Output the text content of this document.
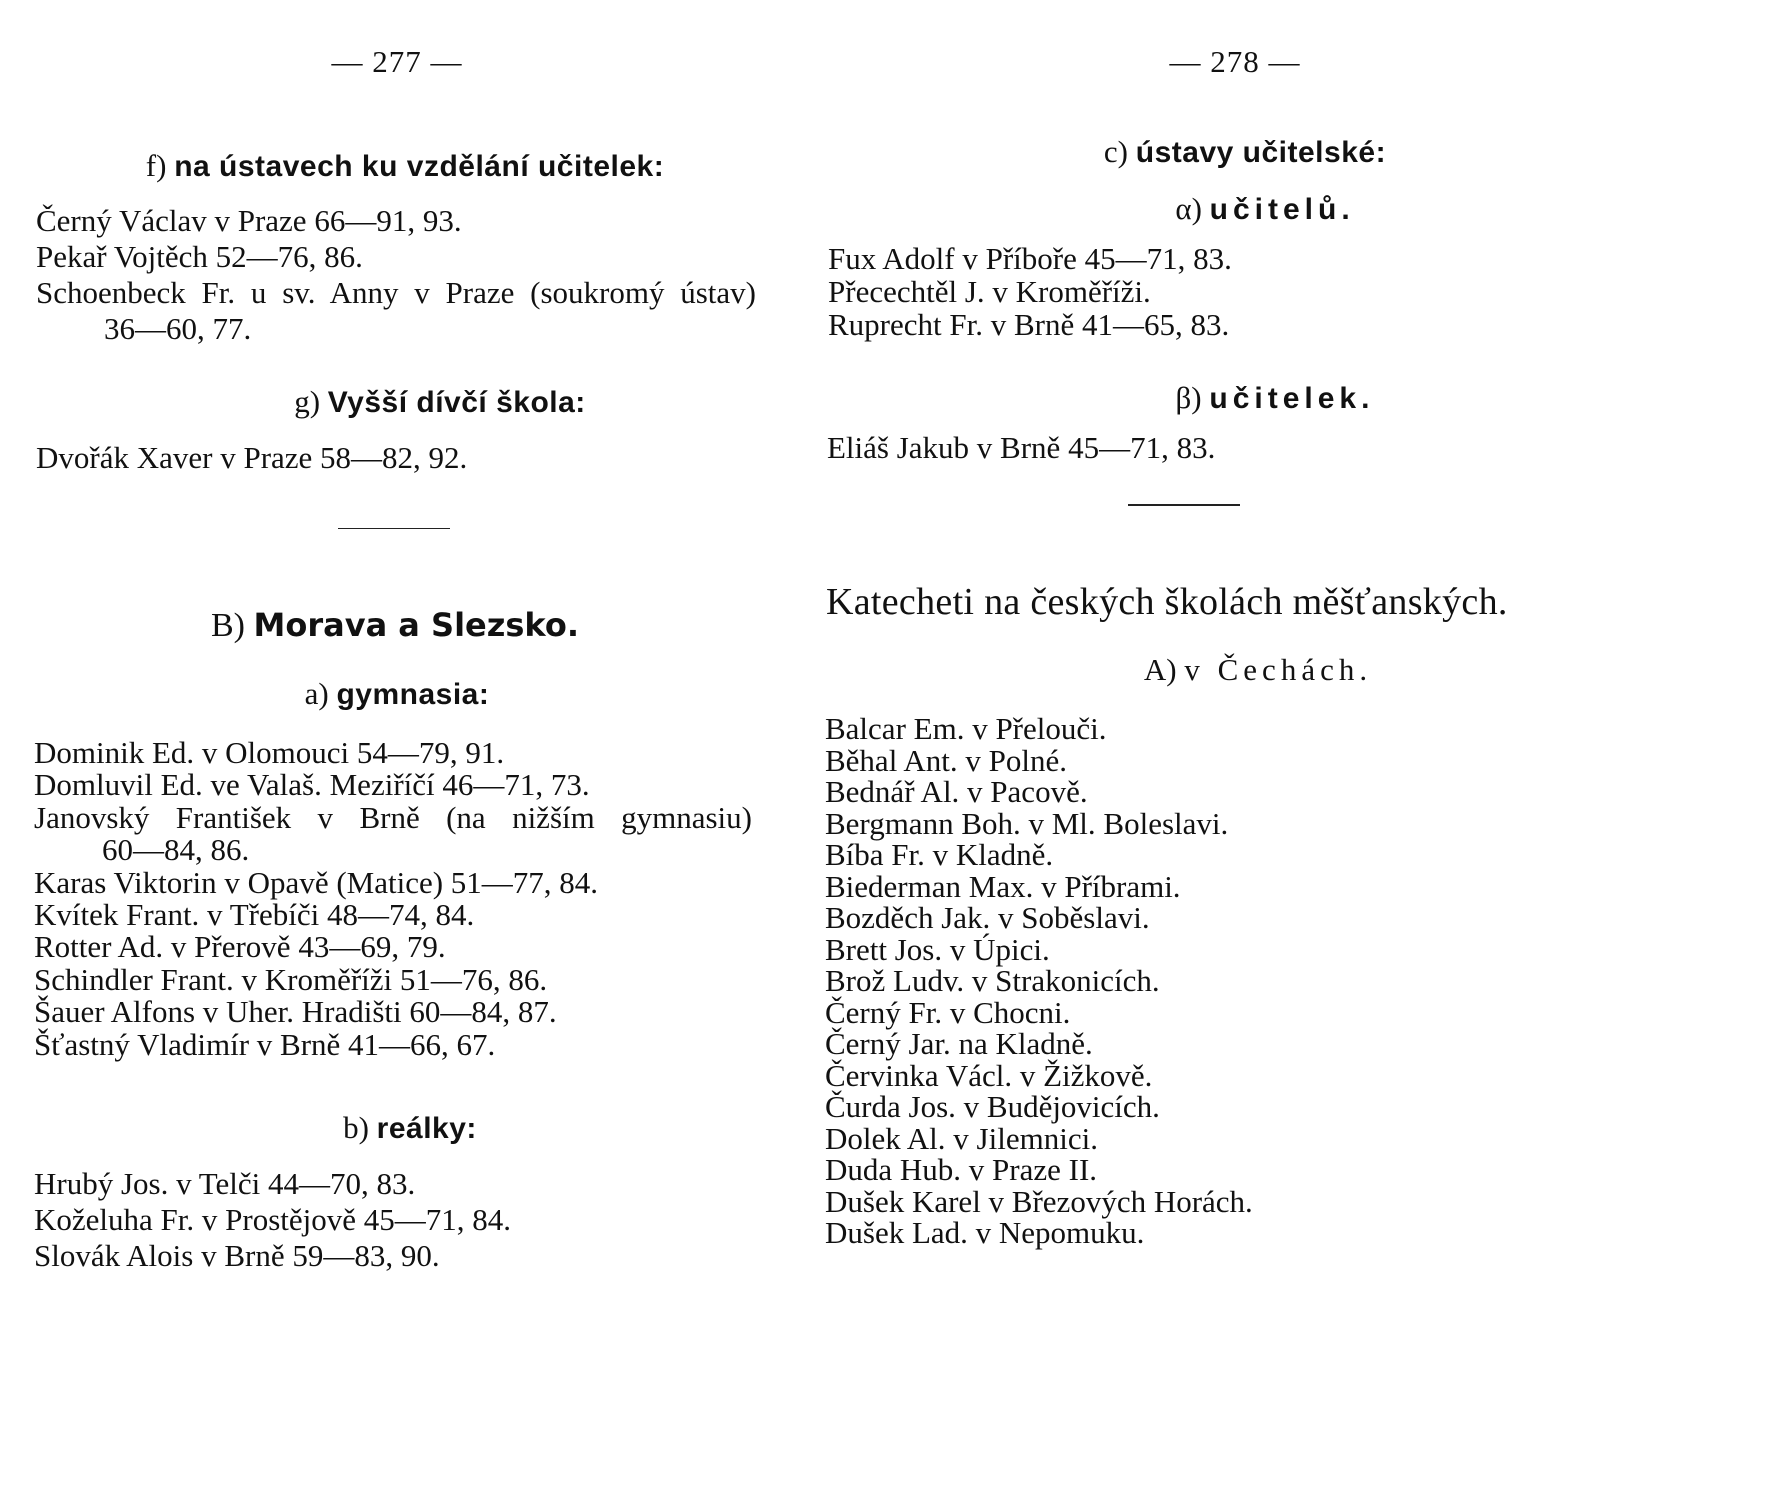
— 277 —
f) na ústavech ku vzdělání učitelek:
Černý Václav v Praze 66—91, 93.
Pekař Vojtěch 52—76, 86.
Schoenbeck Fr. u sv. Anny v Praze (soukromý ústav)
36—60, 77.
g) Vyšší dívčí škola:
Dvořák Xaver v Praze 58—82, 92.
B) Morava a Slezsko.
a) gymnasia:
Dominik Ed. v Olomouci 54—79, 91.
Domluvil Ed. ve Valaš. Meziříčí 46—71, 73.
Janovský František v Brně (na nižším gymnasiu)
60—84, 86.
Karas Viktorin v Opavě (Matice) 51—77, 84.
Kvítek Frant. v Třebíči 48—74, 84.
Rotter Ad. v Přerově 43—69, 79.
Schindler Frant. v Kroměříži 51—76, 86.
Šauer Alfons v Uher. Hradišti 60—84, 87.
Šťastný Vladimír v Brně 41—66, 67.
b) reálky:
Hrubý Jos. v Telči 44—70, 83.
Koželuha Fr. v Prostějově 45—71, 84.
Slovák Alois v Brně 59—83, 90.
— 278 —
c) ústavy učitelské:
α) učitelů.
Fux Adolf v Příboře 45—71, 83.
Přecechtěl J. v Kroměříži.
Ruprecht Fr. v Brně 41—65, 83.
β) učitelek.
Eliáš Jakub v Brně 45—71, 83.
Katecheti na českých školách měšťanských.
A) v Čechách.
Balcar Em. v Přelouči.
Běhal Ant. v Polné.
Bednář Al. v Pacově.
Bergmann Boh. v Ml. Boleslavi.
Bíba Fr. v Kladně.
Biederman Max. v Příbrami.
Bozděch Jak. v Soběslavi.
Brett Jos. v Úpici.
Brož Ludv. v Strakonicích.
Černý Fr. v Chocni.
Černý Jar. na Kladně.
Červinka Václ. v Žižkově.
Čurda Jos. v Budějovicích.
Dolek Al. v Jilemnici.
Duda Hub. v Praze II.
Dušek Karel v Březových Horách.
Dušek Lad. v Nepomuku.
